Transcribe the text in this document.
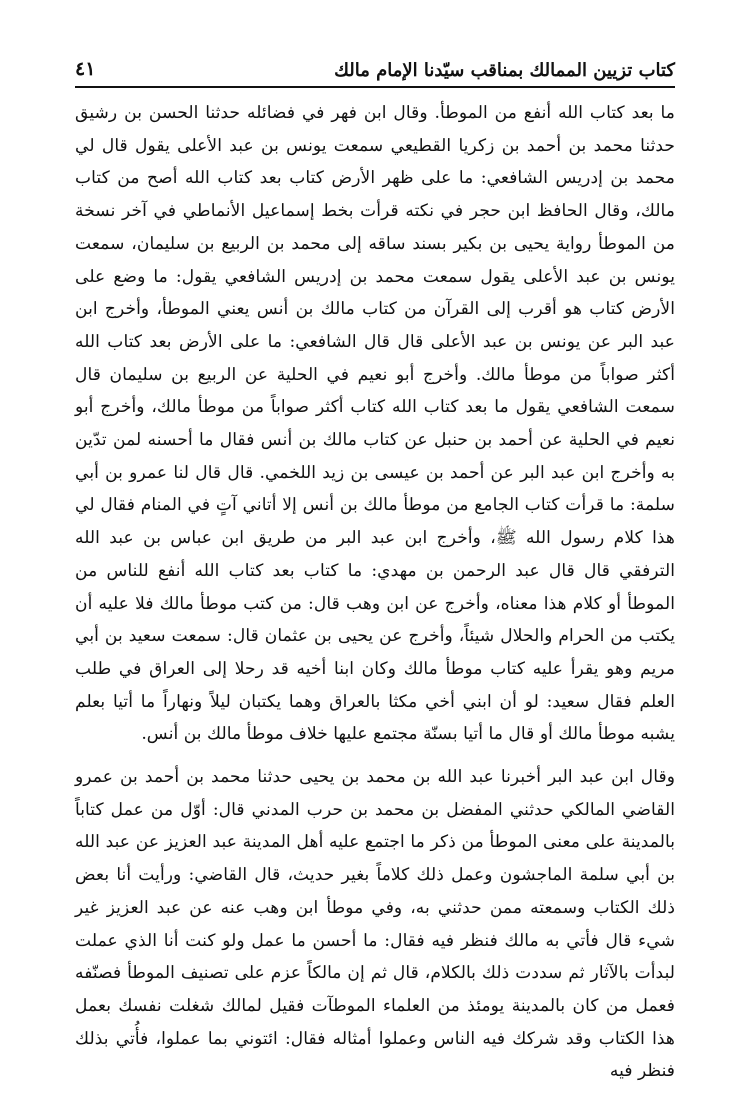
كتاب تزيين الممالك بمناقب سيّدنا الإمام مالك
٤١

ما بعد كتاب الله أنفع من الموطأ. وقال ابن فهر في فضائله حدثنا الحسن بن رشيق حدثنا محمد بن أحمد بن زكريا القطيعي سمعت يونس بن عبد الأعلى يقول قال لي محمد بن إدريس الشافعي: ما على ظهر الأرض كتاب بعد كتاب الله أصح من كتاب مالك، وقال الحافظ ابن حجر في نكته قرأت بخط إسماعيل الأنماطي في آخر نسخة من الموطأ رواية يحيى بن بكير بسند ساقه إلى محمد بن الربيع بن سليمان، سمعت يونس بن عبد الأعلى يقول سمعت محمد بن إدريس الشافعي يقول: ما وضع على الأرض كتاب هو أقرب إلى القرآن من كتاب مالك بن أنس يعني الموطأ، وأخرج ابن عبد البر عن يونس بن عبد الأعلى قال قال الشافعي: ما على الأرض بعد كتاب الله أكثر صواباً من موطأ مالك. وأخرج أبو نعيم في الحلية عن الربيع بن سليمان قال سمعت الشافعي يقول ما بعد كتاب الله كتاب أكثر صواباً من موطأ مالك، وأخرج أبو نعيم في الحلية عن أحمد بن حنبل عن كتاب مالك بن أنس فقال ما أحسنه لمن تدّين به وأخرج ابن عبد البر عن أحمد بن عيسى بن زيد اللخمي. قال قال لنا عمرو بن أبي سلمة: ما قرأت كتاب الجامع من موطأ مالك بن أنس إلا أتاني آتٍ في المنام فقال لي هذا كلام رسول الله ﷺ، وأخرج ابن عبد البر من طريق ابن عباس بن عبد الله الترفقي قال قال عبد الرحمن بن مهدي: ما كتاب بعد كتاب الله أنفع للناس من الموطأ أو كلام هذا معناه، وأخرج عن ابن وهب قال: من كتب موطأ مالك فلا عليه أن يكتب من الحرام والحلال شيئاً، وأخرج عن يحيى بن عثمان قال: سمعت سعيد بن أبي مريم وهو يقرأ عليه كتاب موطأ مالك وكان ابنا أخيه قد رحلا إلى العراق في طلب العلم فقال سعيد: لو أن ابني أخي مكثا بالعراق وهما يكتبان ليلاً ونهاراً ما أتيا بعلم يشبه موطأ مالك أو قال ما أتيا بسنّة مجتمع عليها خلاف موطأ مالك بن أنس.

وقال ابن عبد البر أخبرنا عبد الله بن محمد بن يحيى حدثنا محمد بن أحمد بن عمرو القاضي المالكي حدثني المفضل بن محمد بن حرب المدني قال: أوّل من عمل كتاباً بالمدينة على معنى الموطأ من ذكر ما اجتمع عليه أهل المدينة عبد العزيز عن عبد الله بن أبي سلمة الماجشون وعمل ذلك كلاماً بغير حديث، قال القاضي: ورأيت أنا بعض ذلك الكتاب وسمعته ممن حدثني به، وفي موطأ ابن وهب عنه عن عبد العزيز غير شيء قال فأتي به مالك فنظر فيه فقال: ما أحسن ما عمل ولو كنت أنا الذي عملت لبدأت بالآثار ثم سددت ذلك بالكلام، قال ثم إن مالكاً عزم على تصنيف الموطأ فصنّفه فعمل من كان بالمدينة يومئذ من العلماء الموطآت فقيل لمالك شغلت نفسك بعمل هذا الكتاب وقد شركك فيه الناس وعملوا أمثاله فقال: ائتوني بما عملوا، فأُتي بذلك فنظر فيه
